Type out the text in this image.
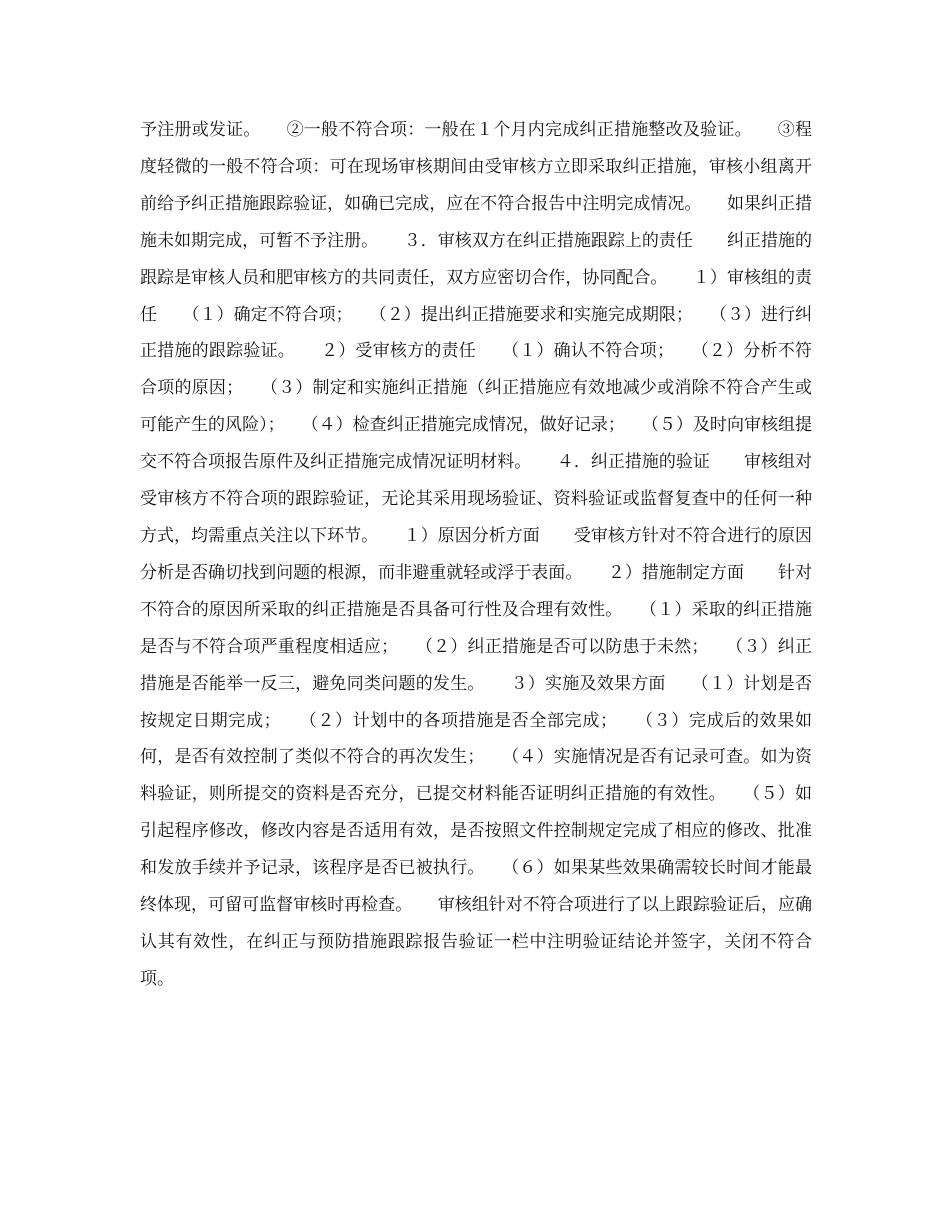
予注册或发证。　　②一般不符合项：一般在１个月内完成纠正措施整改及验证。　　③程度轻微的一般不符合项：可在现场审核期间由受审核方立即采取纠正措施，审核小组离开前给予纠正措施跟踪验证，如确已完成，应在不符合报告中注明完成情况。　　如果纠正措施未如期完成，可暂不予注册。　　３．审核双方在纠正措施跟踪上的责任　　纠正措施的跟踪是审核人员和肥审核方的共同责任，双方应密切合作，协同配合。　　１）审核组的责任　　（１）确定不符合项；　　（２）提出纠正措施要求和实施完成期限；　　（３）进行纠正措施的跟踪验证。　　２）受审核方的责任　　（１）确认不符合项；　　（２）分析不符合项的原因；　　（３）制定和实施纠正措施（纠正措施应有效地减少或消除不符合产生或可能产生的风险）；　　（４）检查纠正措施完成情况，做好记录；　　（５）及时向审核组提交不符合项报告原件及纠正措施完成情况证明材料。　　４．纠正措施的验证　　审核组对受审核方不符合项的跟踪验证，无论其采用现场验证、资料验证或监督复查中的任何一种方式，均需重点关注以下环节。　　１）原因分析方面　　受审核方针对不符合进行的原因分析是否确切找到问题的根源，而非避重就轻或浮于表面。　　２）措施制定方面　　针对不符合的原因所采取的纠正措施是否具备可行性及合理有效性。　　（１）采取的纠正措施是否与不符合项严重程度相适应；　　（２）纠正措施是否可以防患于未然；　　（３）纠正措施是否能举一反三，避免同类问题的发生。　　３）实施及效果方面　　（１）计划是否按规定日期完成；　　（２）计划中的各项措施是否全部完成；　　（３）完成后的效果如何，是否有效控制了类似不符合的再次发生；　　（４）实施情况是否有记录可查。如为资料验证，则所提交的资料是否充分，已提交材料能否证明纠正措施的有效性。　　（５）如引起程序修改，修改内容是否适用有效，是否按照文件控制规定完成了相应的修改、批准和发放手续并予记录，该程序是否已被执行。　　（６）如果某些效果确需较长时间才能最终体现，可留可监督审核时再检查。　　审核组针对不符合项进行了以上跟踪验证后，应确认其有效性，在纠正与预防措施跟踪报告验证一栏中注明验证结论并签字，关闭不符合项。
